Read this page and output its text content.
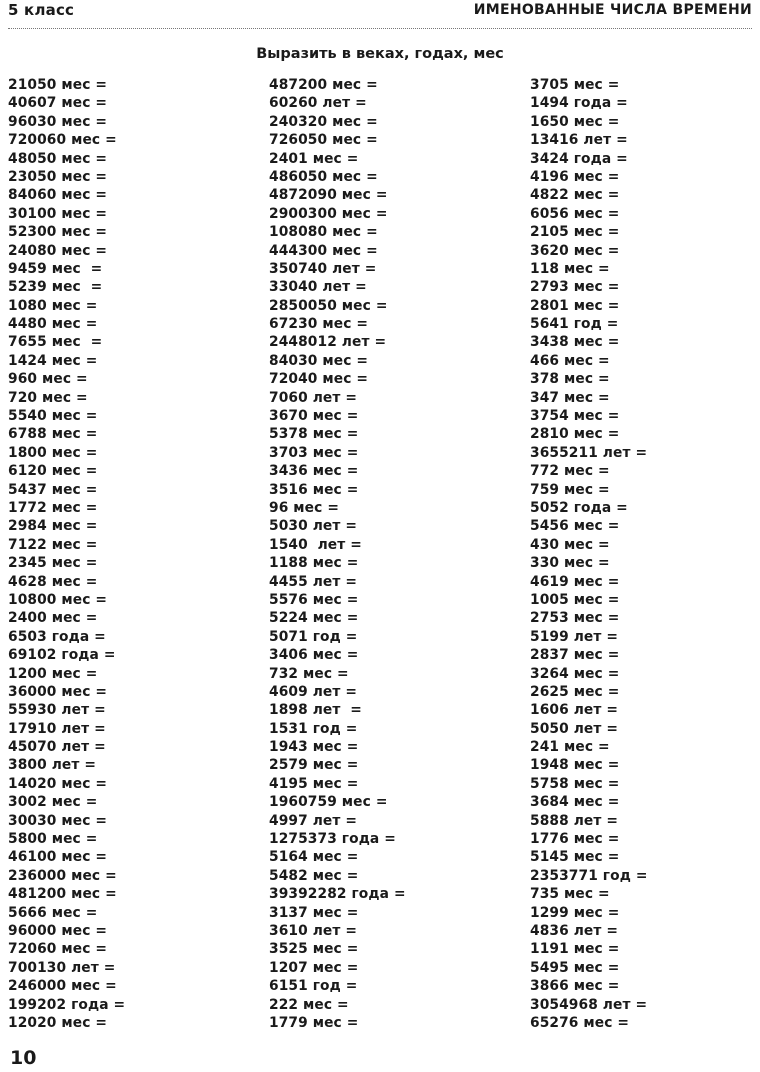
5 класс	ИМЕНОВАННЫЕ ЧИСЛА ВРЕМЕНИ
Выразить в веках, годах, мес
21050 мес =
40607 мес =
96030 мес =
720060 мес =
48050 мес =
23050 мес =
84060 мес =
30100 мес =
52300 мес =
24080 мес =
9459 мес  =
5239 мес  =
1080 мес =
4480 мес =
7655 мес  =
1424 мес =
960 мес =
720 мес =
5540 мес =
6788 мес =
1800 мес =
6120 мес =
5437 мес =
1772 мес =
2984 мес =
7122 мес =
2345 мес =
4628 мес =
10800 мес =
2400 мес =
6503 года =
69102 года =
1200 мес =
36000 мес =
55930 лет =
17910 лет =
45070 лет =
3800 лет =
14020 мес =
3002 мес =
30030 мес =
5800 мес =
46100 мес =
236000 мес =
481200 мес =
5666 мес =
96000 мес =
72060 мес =
700130 лет =
246000 мес =
199202 года =
12020 мес =
487200 мес =
60260 лет =
240320 мес =
726050 мес =
2401 мес =
486050 мес =
4872090 мес =
2900300 мес =
108080 мес =
444300 мес =
350740 лет =
33040 лет =
2850050 мес =
67230 мес =
2448012 лет =
84030 мес =
72040 мес =
7060 лет =
3670 мес =
5378 мес =
3703 мес =
3436 мес =
3516 мес =
96 мес =
5030 лет =
1540  лет =
1188 мес =
4455 лет =
5576 мес =
5224 мес =
5071 год =
3406 мес =
732 мес =
4609 лет =
1898 лет  =
1531 год =
1943 мес =
2579 мес =
4195 мес =
1960759 мес =
4997 лет =
1275373 года =
5164 мес =
5482 мес =
39392282 года =
3137 мес =
3610 лет =
3525 мес =
1207 мес =
6151 год =
222 мес =
1779 мес =
3705 мес =
1494 года =
1650 мес =
13416 лет =
3424 года =
4196 мес =
4822 мес =
6056 мес =
2105 мес =
3620 мес =
118 мес =
2793 мес =
2801 мес =
5641 год =
3438 мес =
466 мес =
378 мес =
347 мес =
3754 мес =
2810 мес =
3655211 лет =
772 мес =
759 мес =
5052 года =
5456 мес =
430 мес =
330 мес =
4619 мес =
1005 мес =
2753 мес =
5199 лет =
2837 мес =
3264 мес =
2625 мес =
1606 лет =
5050 лет =
241 мес =
1948 мес =
5758 мес =
3684 мес =
5888 лет =
1776 мес =
5145 мес =
2353771 год =
735 мес =
1299 мес =
4836 лет =
1191 мес =
5495 мес =
3866 мес =
3054968 лет =
65276 мес =
10
